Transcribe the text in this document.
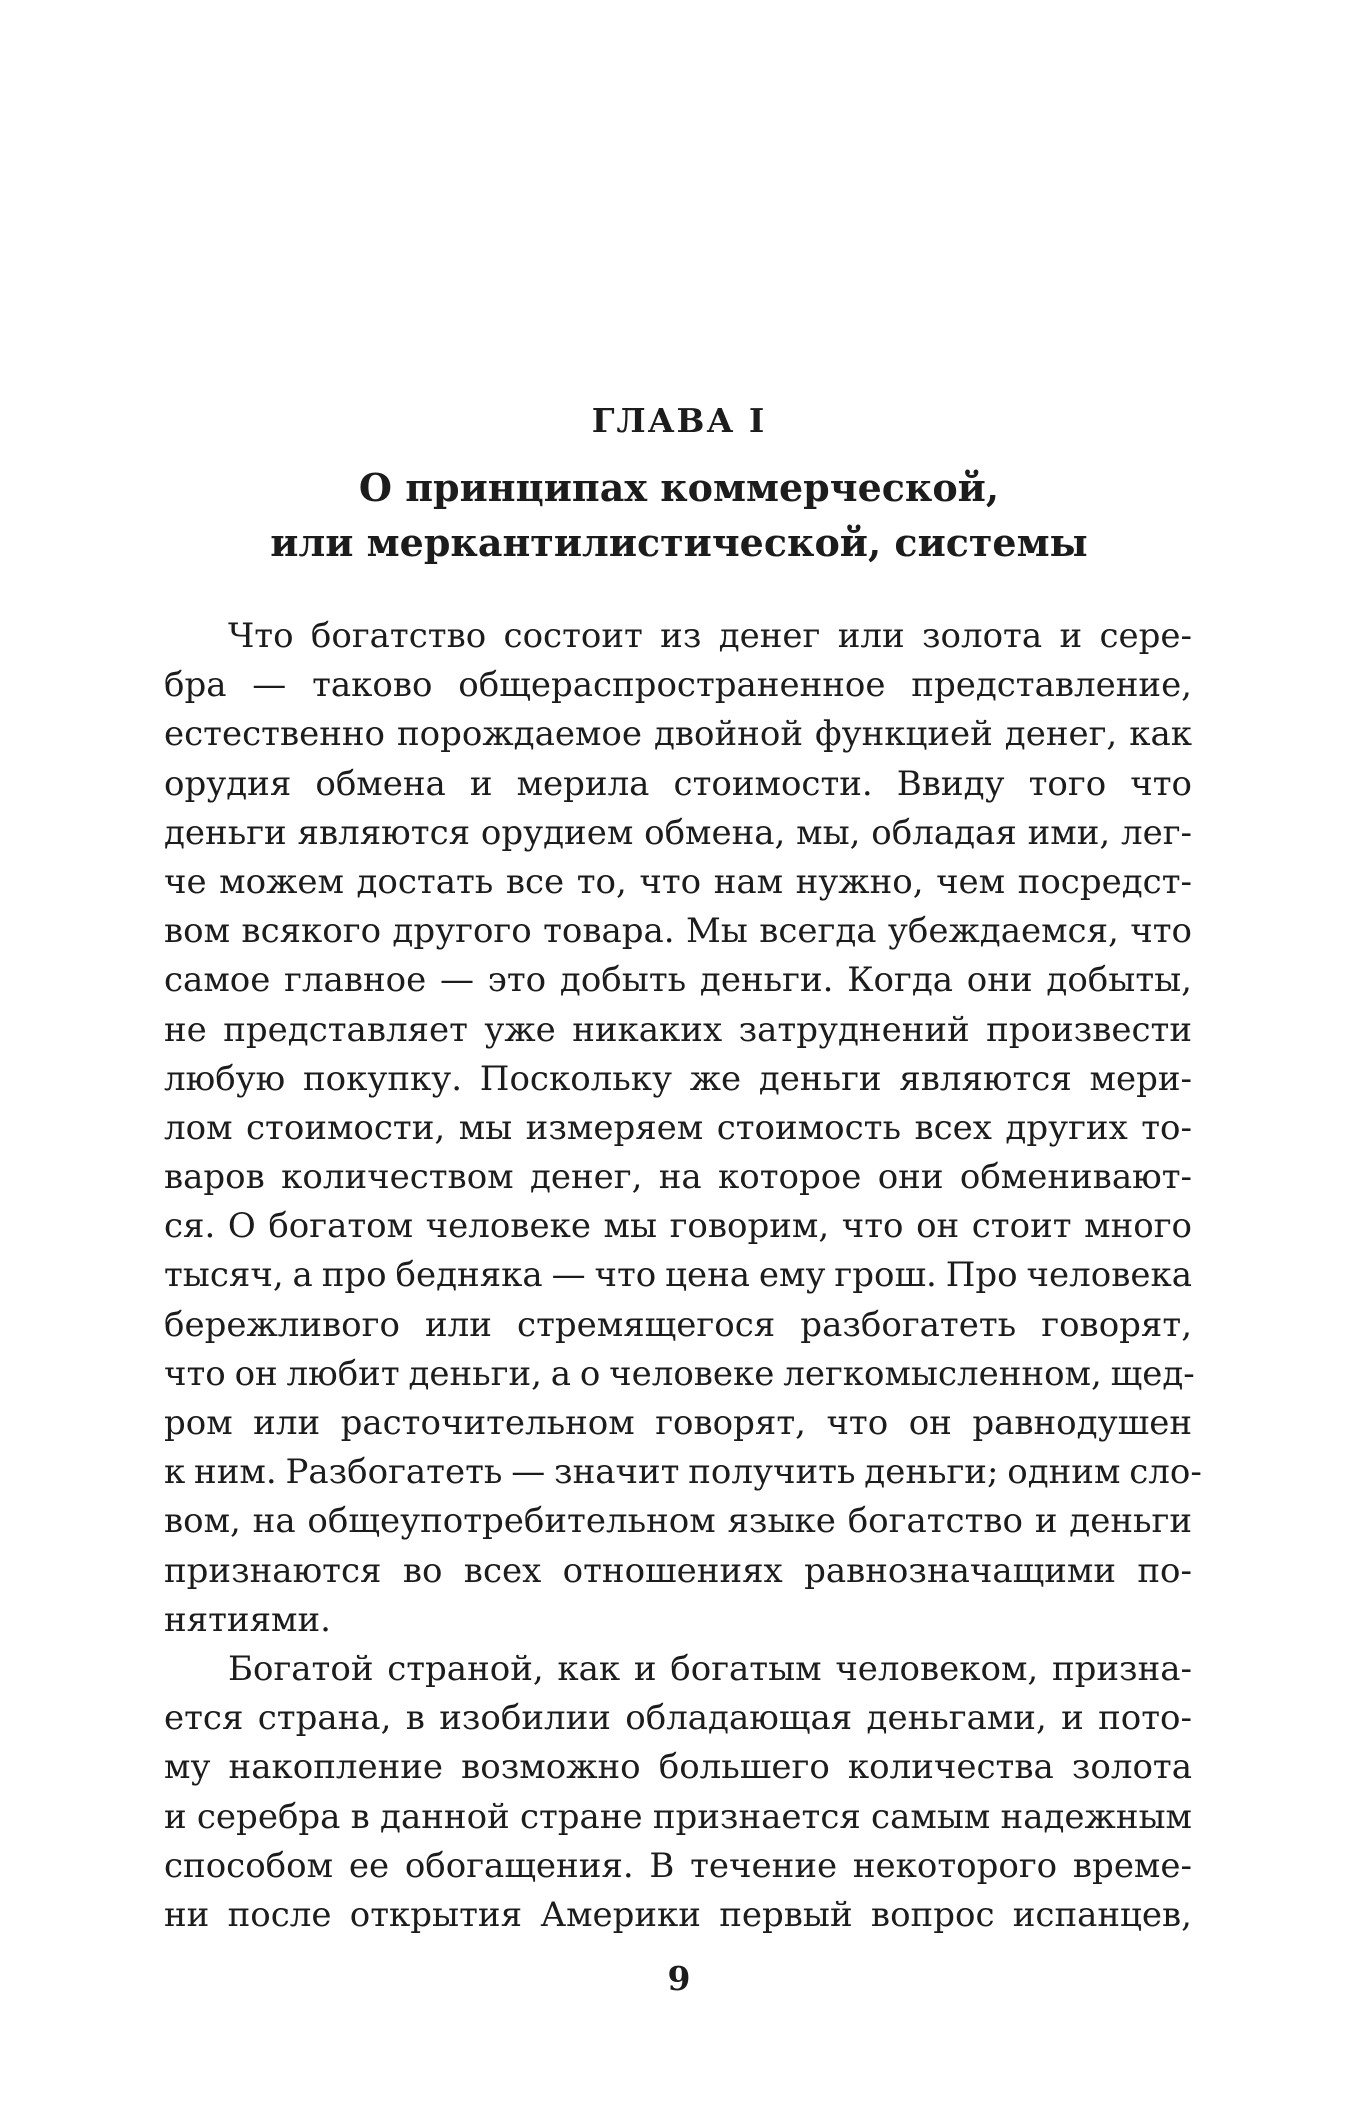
ГЛАВА I
О принципах коммерческой,
или меркантилистической, системы
Что богатство состоит из денег или золота и сере-
бра — таково общераспространенное представление,
естественно порождаемое двойной функцией денег, как
орудия обмена и мерила стоимости. Ввиду того что
деньги являются орудием обмена, мы, обладая ими, лег-
че можем достать все то, что нам нужно, чем посредст-
вом всякого другого товара. Мы всегда убеждаемся, что
самое главное — это добыть деньги. Когда они добыты,
не представляет уже никаких затруднений произвести
любую покупку. Поскольку же деньги являются мери-
лом стоимости, мы измеряем стоимость всех других то-
варов количеством денег, на которое они обменивают-
ся. О богатом человеке мы говорим, что он стоит много
тысяч, а про бедняка — что цена ему грош. Про человека
бережливого или стремящегося разбогатеть говорят,
что он любит деньги, а о человеке легкомысленном, щед-
ром или расточительном говорят, что он равнодушен
к ним. Разбогатеть — значит получить деньги; одним сло-
вом, на общеупотребительном языке богатство и деньги
признаются во всех отношениях равнозначащими по-
нятиями.
Богатой страной, как и богатым человеком, призна-
ется страна, в изобилии обладающая деньгами, и пото-
му накопление возможно большего количества золота
и серебра в данной стране признается самым надежным
способом ее обогащения. В течение некоторого време-
ни после открытия Америки первый вопрос испанцев,
9
